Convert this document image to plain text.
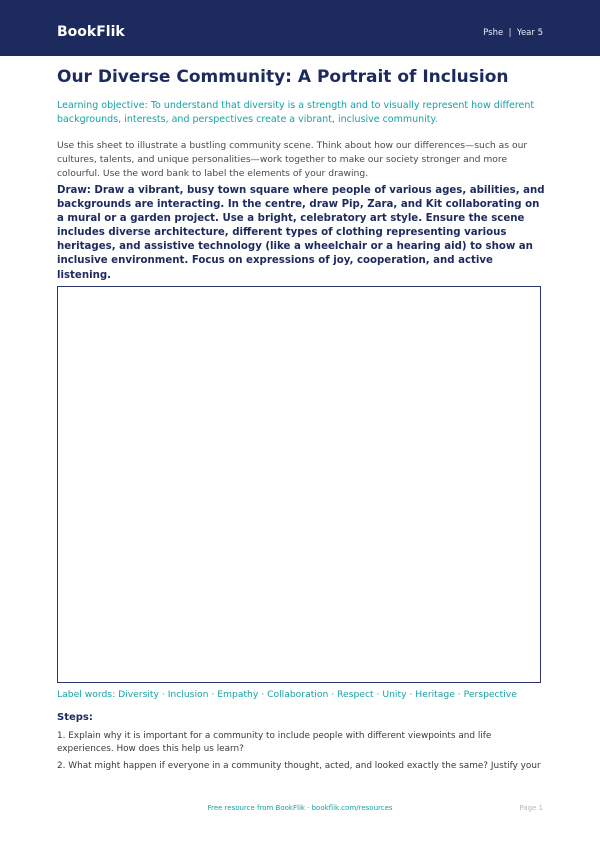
BookFlik	Pshe | Year 5
Our Diverse Community: A Portrait of Inclusion
Learning objective: To understand that diversity is a strength and to visually represent how different backgrounds, interests, and perspectives create a vibrant, inclusive community.
Use this sheet to illustrate a bustling community scene. Think about how our differences—such as our cultures, talents, and unique personalities—work together to make our society stronger and more colourful. Use the word bank to label the elements of your drawing.
Draw: Draw a vibrant, busy town square where people of various ages, abilities, and backgrounds are interacting. In the centre, draw Pip, Zara, and Kit collaborating on a mural or a garden project. Use a bright, celebratory art style. Ensure the scene includes diverse architecture, different types of clothing representing various heritages, and assistive technology (like a wheelchair or a hearing aid) to show an inclusive environment. Focus on expressions of joy, cooperation, and active listening.
Label words: Diversity · Inclusion · Empathy · Collaboration · Respect · Unity · Heritage · Perspective
Steps:
1. Explain why it is important for a community to include people with different viewpoints and life experiences. How does this help us learn?
2. What might happen if everyone in a community thought, acted, and looked exactly the same? Justify your
Free resource from BookFlik · bookflik.com/resources	Page 1
